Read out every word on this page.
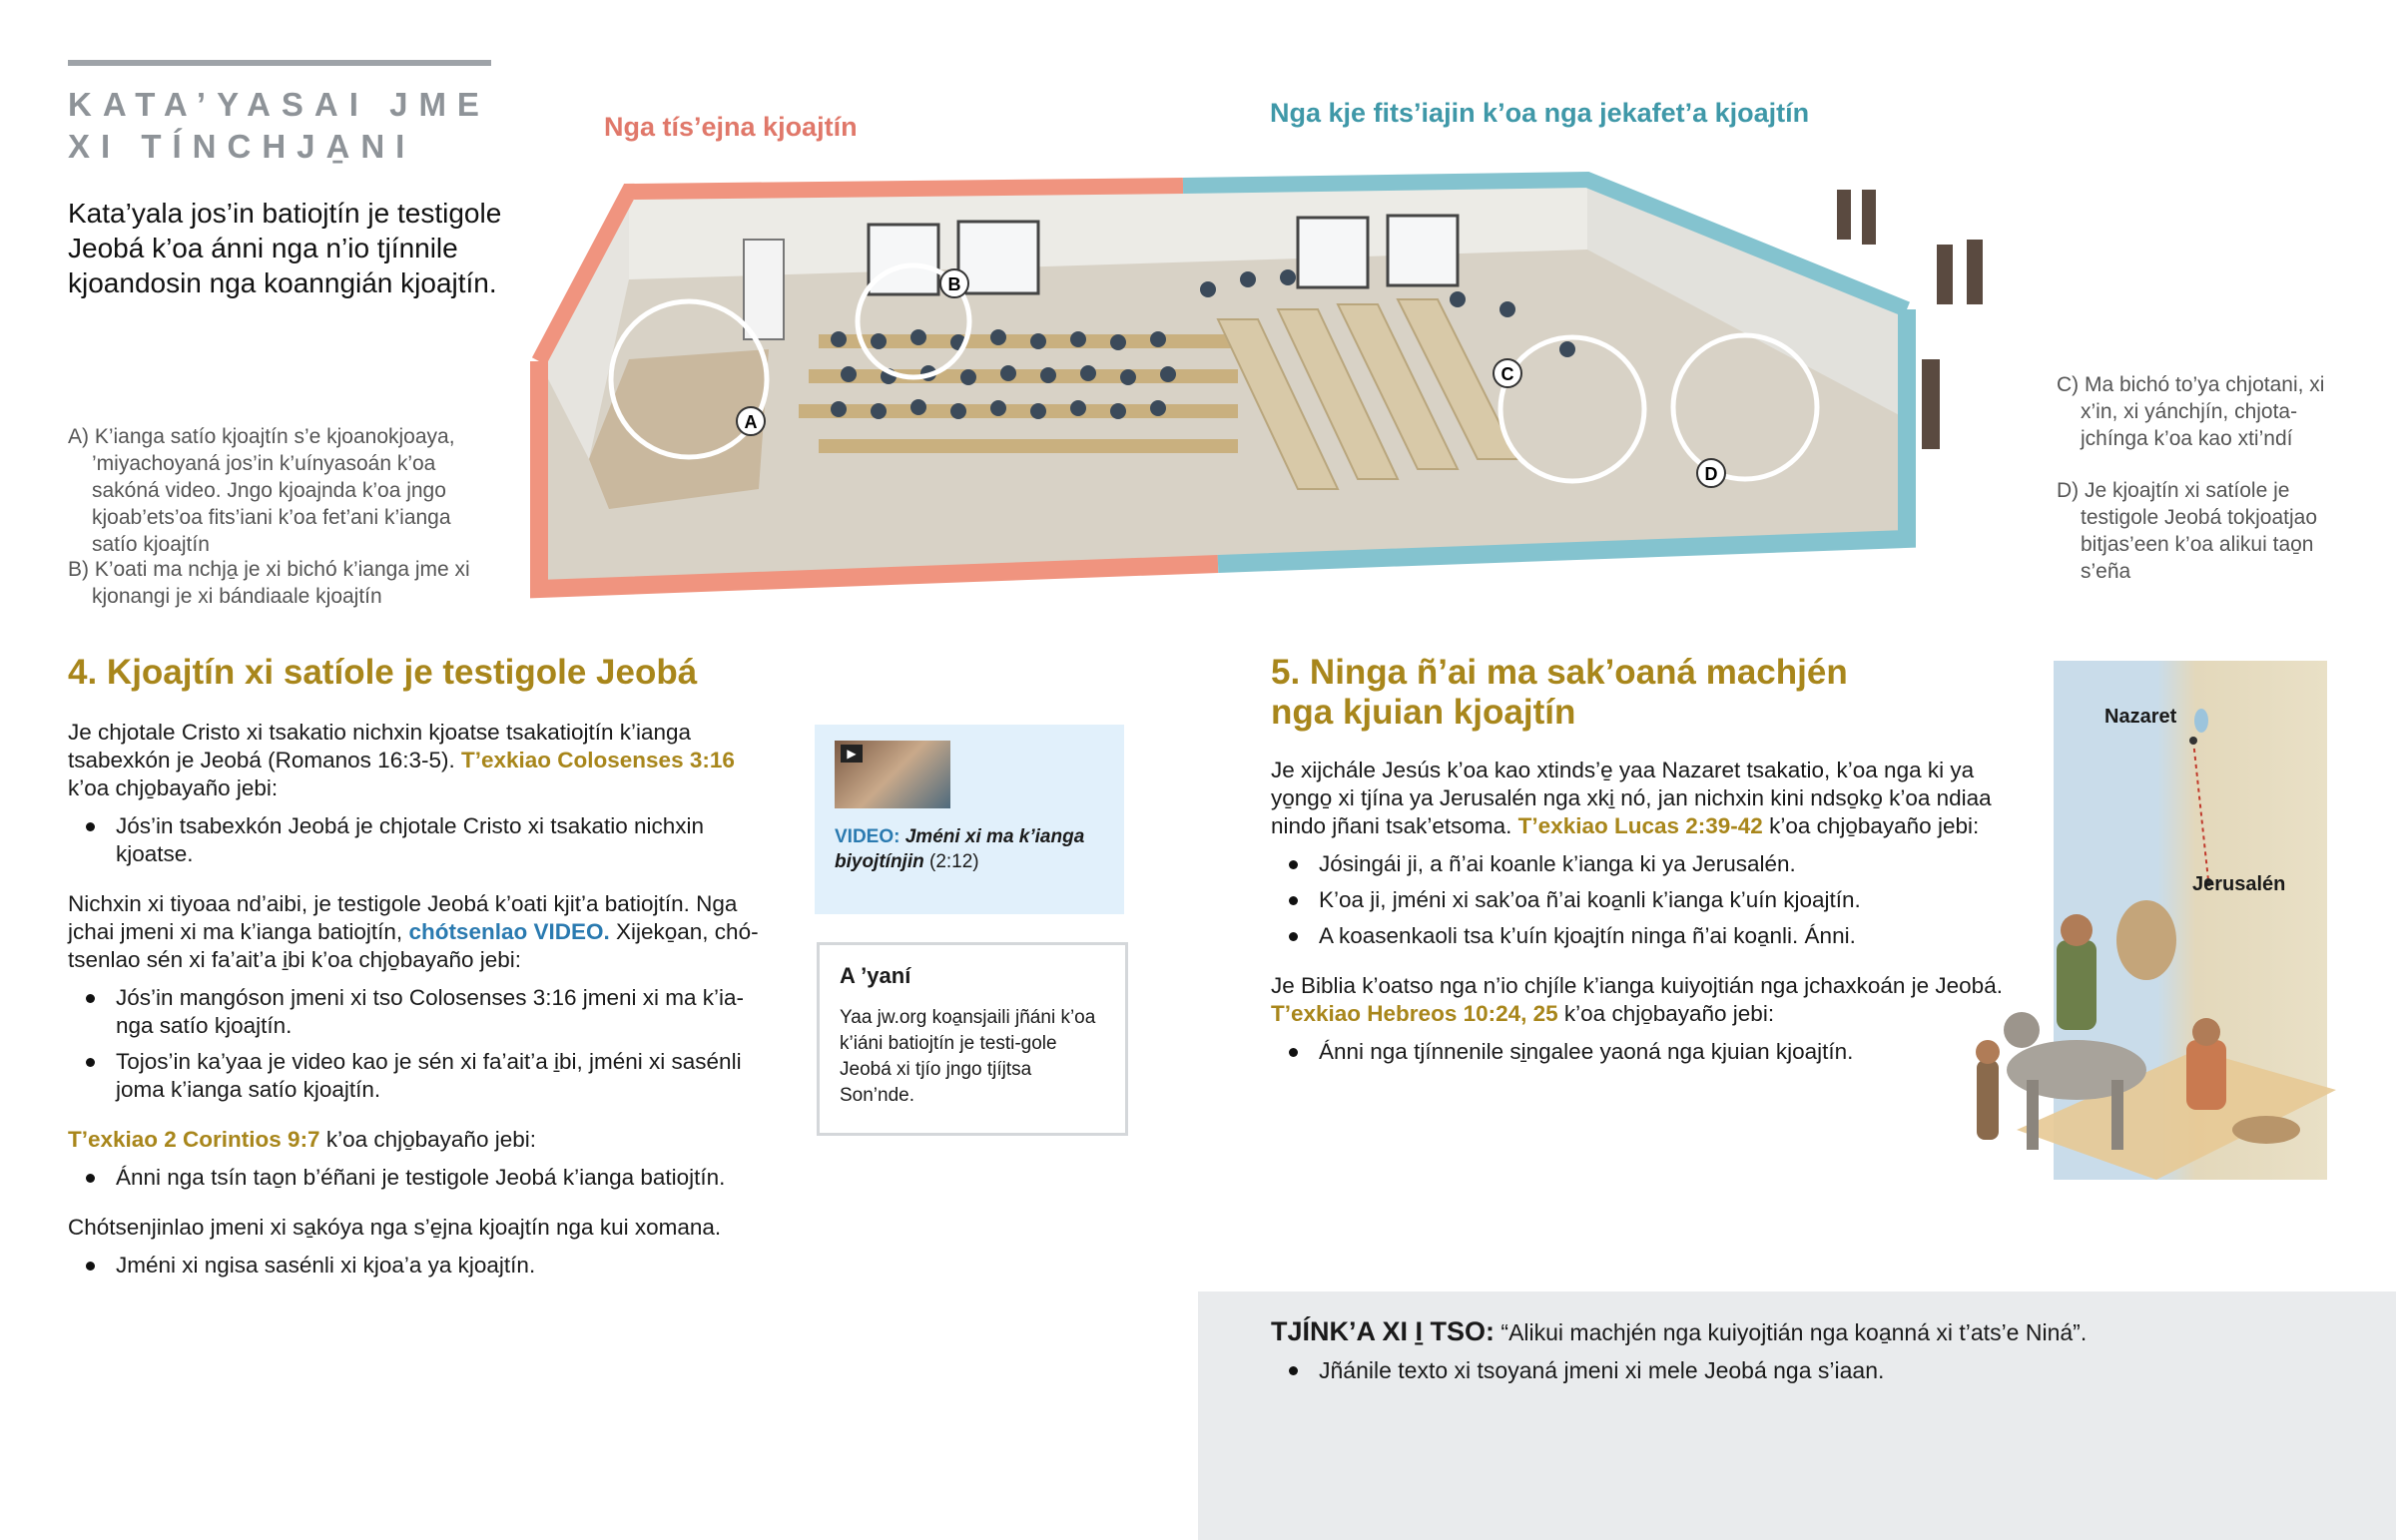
KATA’YASAI JME
XI TÍNCHJA̱NI
Kata’yala jos’in batiojtín je testigole Jeobá k’oa ánni nga n’io tjínnile kjoandosin nga koanngián kjoajtín.
Nga tís’ejna kjoajtín	Nga kje fits’iajin k’oa nga jekafet’a kjoajtín
A
B
C
D
A) K’ianga satío kjoajtín s’e kjoanokjoaya, ’miyachoyaná jos’in k’uínyasoán k’oa sakóná video. Jngo kjoajnda k’oa jngo kjoab’ets’oa fits’iani k’oa fet’ani k’ianga satío kjoajtín
B) K’oati ma nchja̱ je xi bichó k’ianga jme xi kjonangi je xi bándiaale kjoajtín
C) Ma bichó to’ya chjotani, xi x’in, xi yánchjín, chjota-jchínga k’oa kao xti’ndí
D) Je kjoajtín xi satíole je testigole Jeobá tokjoatjao bitjas’een k’oa alikui tao̱n s’eña
4. Kjoajtín xi satíole je testigole Jeobá

Je chjotale Cristo xi tsakatio nichxin kjoatse tsakatiojtín k’ianga tsabexkón je Jeobá (Romanos 16:3-5). T’exkiao Colosenses 3:16 k’oa chjo̱bayaño jebi:

Jós’in tsabexkón Jeobá je chjotale Cristo xi tsakatio nichxin kjoatse.

Nichxin xi tiyoaa nd’aibi, je testigole Jeobá k’oati kjit’a batiojtín. Nga jchai jmeni xi ma k’ianga batiojtín, chótsenlao VIDEO. Xijeko̱an, chó-tsenlao sén xi fa’ait’a i̱bi k’oa chjo̱bayaño jebi:

Jós’in mangóson jmeni xi tso Colosenses 3:16 jmeni xi ma k’ia-nga satío kjoajtín.
Tojos’in ka’yaa je video kao je sén xi fa’ait’a i̱bi, jméni xi sasénli joma k’ianga satío kjoajtín.

T’exkiao 2 Corintios 9:7 k’oa chjo̱bayaño jebi:

Ánni nga tsín tao̱n b’éñani je testigole Jeobá k’ianga batiojtín.

Chótsenjinlao jmeni xi sa̱kóya nga s’e̱jna kjoajtín nga kui xomana.

Jméni xi ngisa sasénli xi kjoa’a ya kjoajtín.
▶
VIDEO: Jméni xi ma k’ianga biyojtínjin (2:12)
A ’yaní
Yaa jw.org koa̱nsjaili jñáni k’oa k’iáni batiojtín je testi-gole Jeobá xi tjío jngo tjíjtsa Son’nde.
5. Ninga ñ’ai ma sak’oaná machjén
nga kjuian kjoajtín

Je xijchále Jesús k’oa kao xtinds’e̱ yaa Nazaret tsakatio, k’oa nga ki ya yo̱ngo̱ xi tjína ya Jerusalén nga xki̱ nó, jan nichxin kini ndso̱ko̱ k’oa ndiaa nindo jñani tsak’etsoma. T’exkiao Lucas 2:39-42 k’oa chjo̱bayaño jebi:

Jósingái ji, a ñ’ai koanle k’ianga ki ya Jerusalén.
K’oa ji, jméni xi sak’oa ñ’ai koa̱nli k’ianga k’uín kjoajtín.
A koasenkaoli tsa k’uín kjoajtín ninga ñ’ai koa̱nli. Ánni.

Je Biblia k’oatso nga n’io chjíle k’ianga kuiyojtián nga jchaxkoán je Jeobá. T’exkiao Hebreos 10:24, 25 k’oa chjo̱bayaño jebi:

Ánni nga tjínnenile si̱ngalee yaoná nga kjuian kjoajtín.
Nazaret
Jerusalén

TJÍNK’A XI I̱ TSO: “Alikui machjén nga kuiyojtián nga koa̱nná xi t’ats’e Niná”.

Jñánile texto xi tsoyaná jmeni xi mele Jeobá nga s’iaan.
